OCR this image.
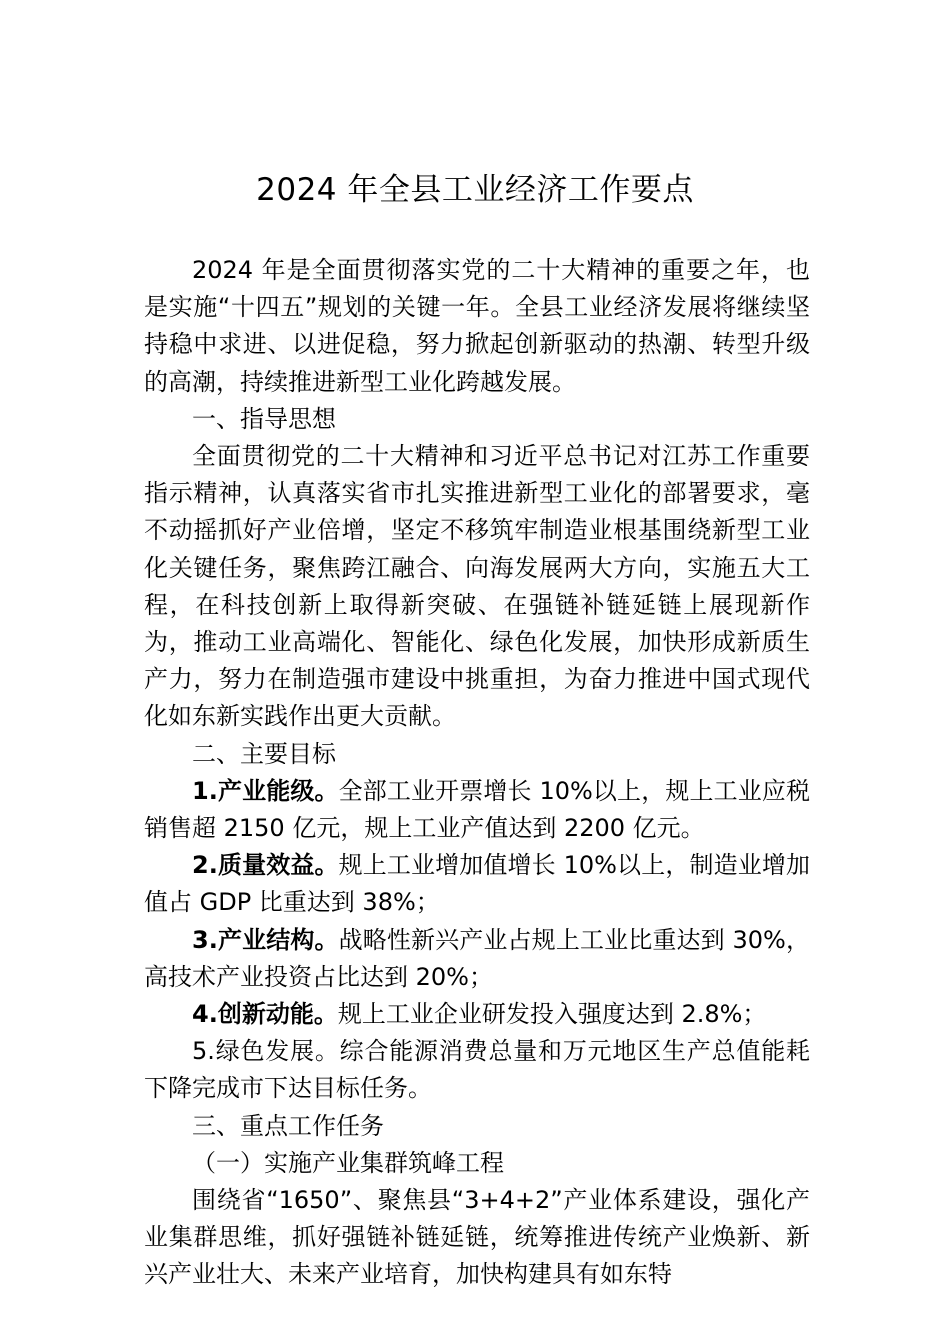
2024 年全县工业经济工作要点

2024 年是全面贯彻落实党的二十大精神的重要之年，也是实施“十四五”规划的关键一年。全县工业经济发展将继续坚持稳中求进、以进促稳，努力掀起创新驱动的热潮、转型升级的高潮，持续推进新型工业化跨越发展。

一、指导思想

全面贯彻党的二十大精神和习近平总书记对江苏工作重要指示精神，认真落实省市扎实推进新型工业化的部署要求，毫不动摇抓好产业倍增，坚定不移筑牢制造业根基围绕新型工业化关键任务，聚焦跨江融合、向海发展两大方向，实施五大工程，在科技创新上取得新突破、在强链补链延链上展现新作为，推动工业高端化、智能化、绿色化发展，加快形成新质生产力，努力在制造强市建设中挑重担，为奋力推进中国式现代化如东新实践作出更大贡献。

二、主要目标

1.产业能级。全部工业开票增长 10%以上，规上工业应税销售超 2150 亿元，规上工业产值达到 2200 亿元。

2.质量效益。规上工业增加值增长 10%以上，制造业增加值占 GDP 比重达到 38%；

3.产业结构。战略性新兴产业占规上工业比重达到 30%，高技术产业投资占比达到 20%；

4.创新动能。规上工业企业研发投入强度达到 2.8%；

5.绿色发展。综合能源消费总量和万元地区生产总值能耗下降完成市下达目标任务。

三、重点工作任务

（一）实施产业集群筑峰工程

围绕省“1650”、聚焦县“3+4+2”产业体系建设，强化产业集群思维，抓好强链补链延链，统筹推进传统产业焕新、新兴产业壮大、未来产业培育，加快构建具有如东特
